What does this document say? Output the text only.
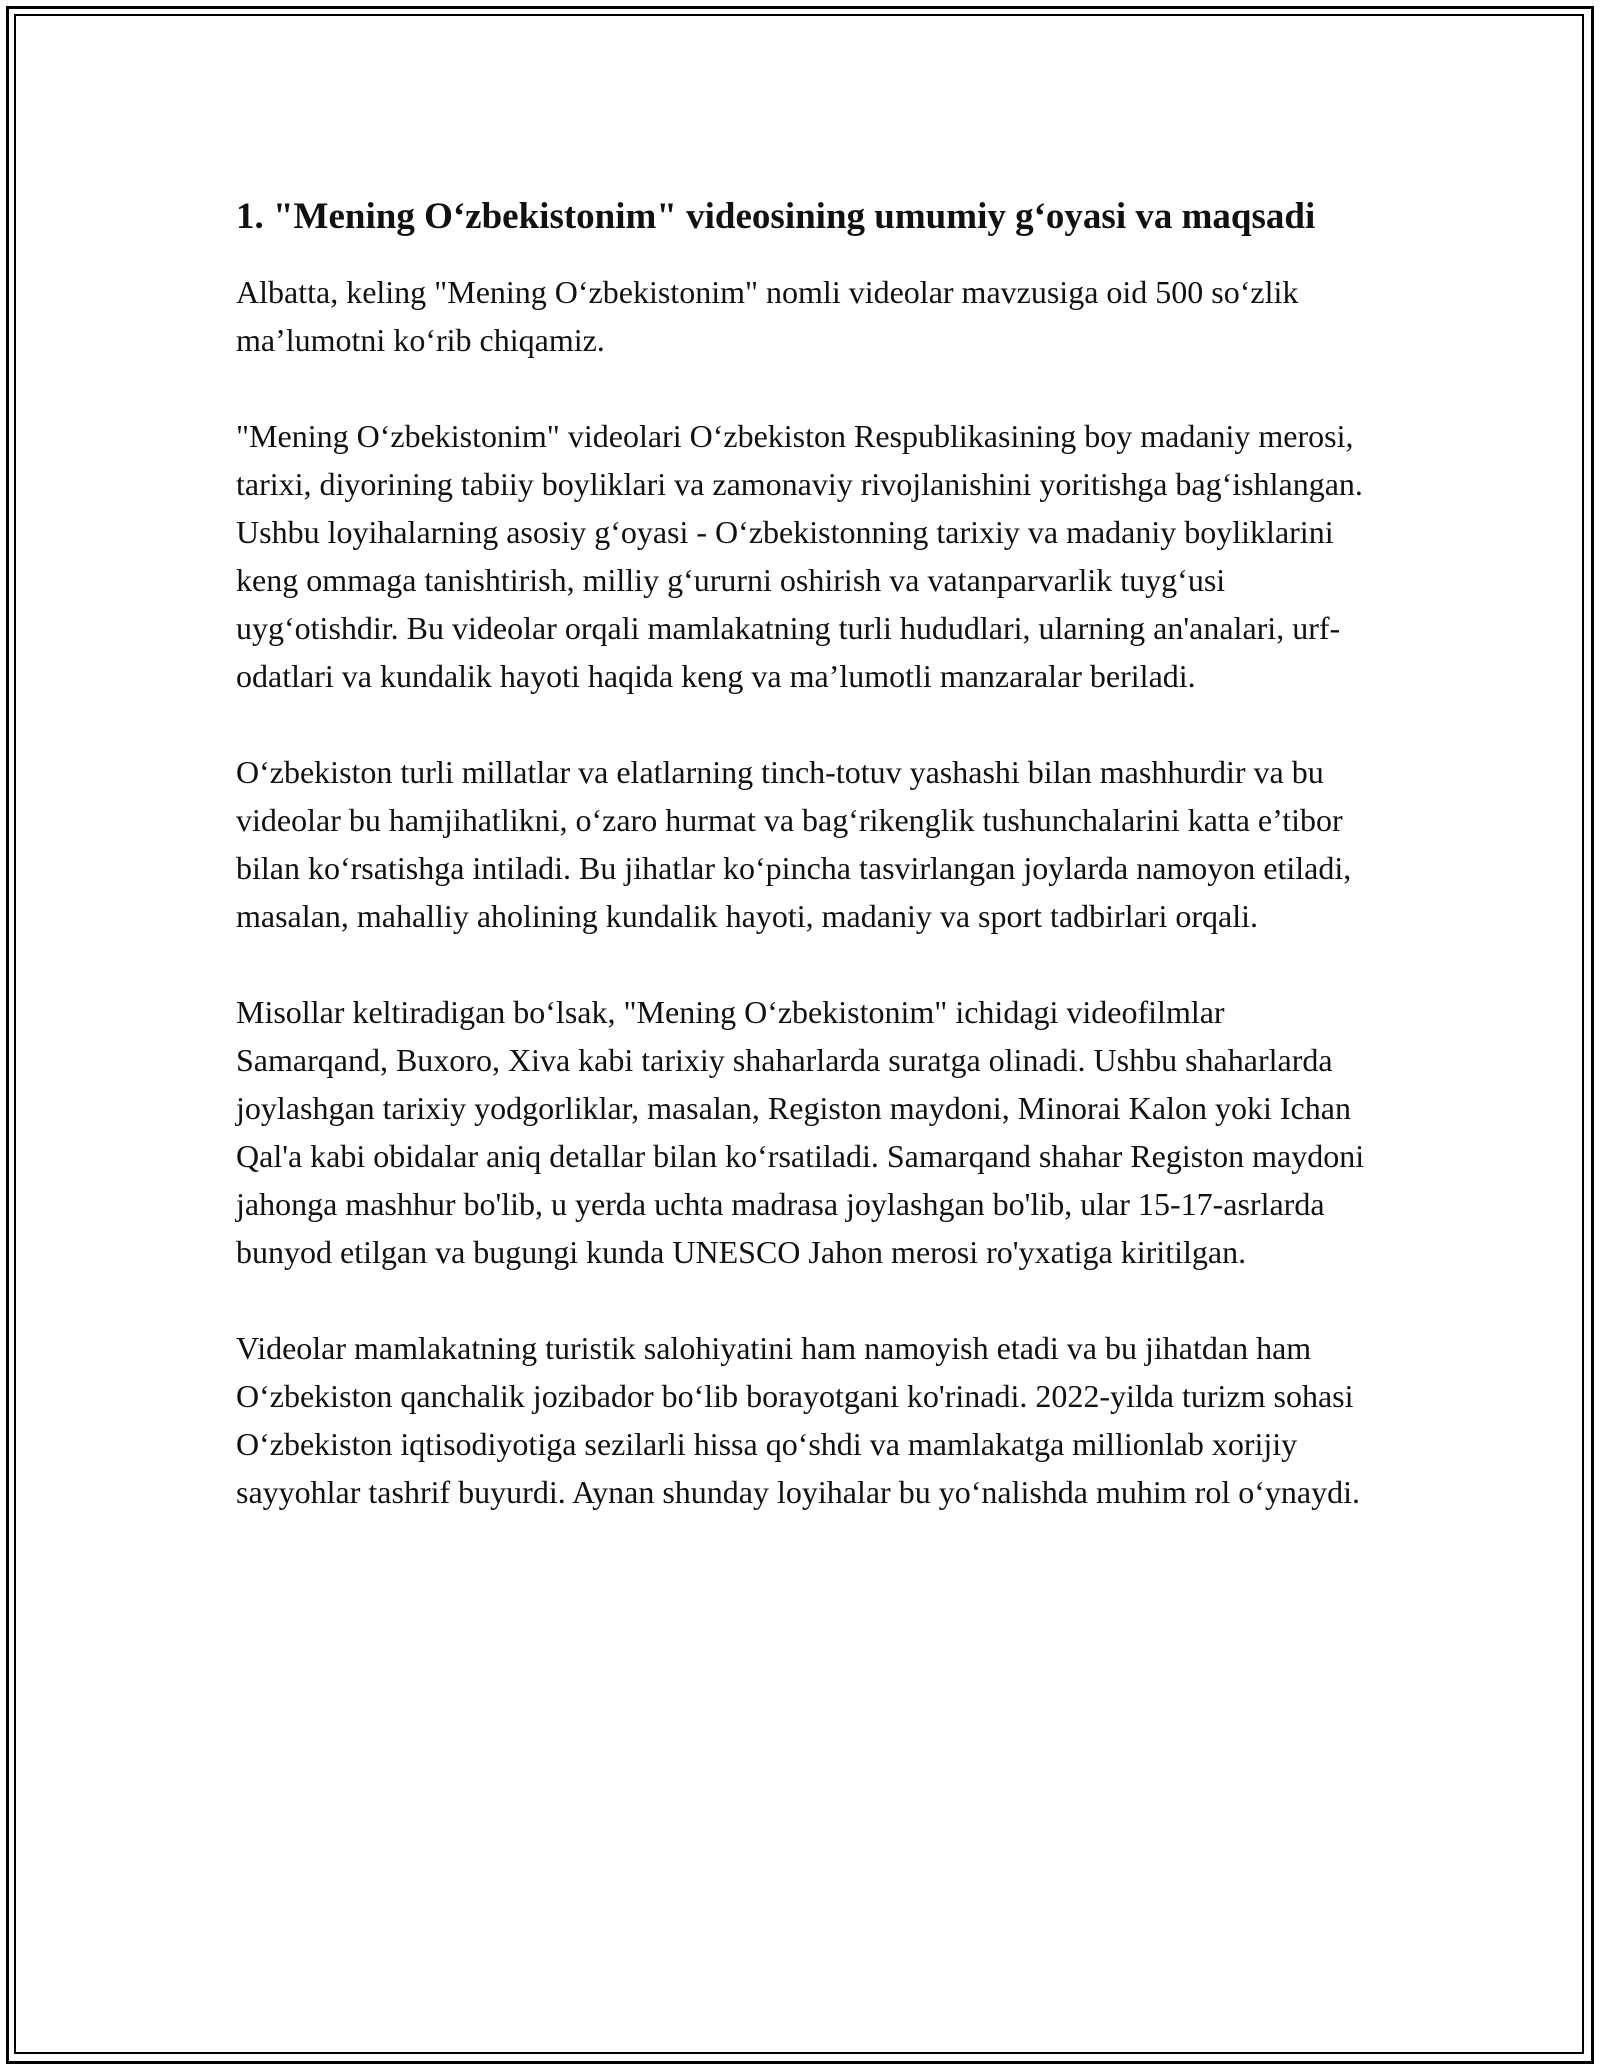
1. "Mening O‘zbekistonim" videosining umumiy g‘oyasi va maqsadi

Albatta, keling "Mening O‘zbekistonim" nomli videolar mavzusiga oid 500 so‘zlik ma’lumotni ko‘rib chiqamiz.

"Mening O‘zbekistonim" videolari O‘zbekiston Respublikasining boy madaniy merosi, tarixi, diyorining tabiiy boyliklari va zamonaviy rivojlanishini yoritishga bag‘ishlangan. Ushbu loyihalarning asosiy g‘oyasi - O‘zbekistonning tarixiy va madaniy boyliklarini keng ommaga tanishtirish, milliy g‘ururni oshirish va vatanparvarlik tuyg‘usi uyg‘otishdir. Bu videolar orqali mamlakatning turli hududlari, ularning an'analari, urf-odatlari va kundalik hayoti haqida keng va ma’lumotli manzaralar beriladi.

O‘zbekiston turli millatlar va elatlarning tinch-totuv yashashi bilan mashhurdir va bu videolar bu hamjihatlikni, o‘zaro hurmat va bag‘rikenglik tushunchalarini katta e’tibor bilan ko‘rsatishga intiladi. Bu jihatlar ko‘pincha tasvirlangan joylarda namoyon etiladi, masalan, mahalliy aholining kundalik hayoti, madaniy va sport tadbirlari orqali.

Misollar keltiradigan bo‘lsak, "Mening O‘zbekistonim" ichidagi videofilmlar Samarqand, Buxoro, Xiva kabi tarixiy shaharlarda suratga olinadi. Ushbu shaharlarda joylashgan tarixiy yodgorliklar, masalan, Registon maydoni, Minorai Kalon yoki Ichan Qal'a kabi obidalar aniq detallar bilan ko‘rsatiladi. Samarqand shahar Registon maydoni jahonga mashhur bo'lib, u yerda uchta madrasa joylashgan bo'lib, ular 15-17-asrlarda bunyod etilgan va bugungi kunda UNESCO Jahon merosi ro'yxatiga kiritilgan.

Videolar mamlakatning turistik salohiyatini ham namoyish etadi va bu jihatdan ham O‘zbekiston qanchalik jozibador bo‘lib borayotgani ko'rinadi. 2022-yilda turizm sohasi O‘zbekiston iqtisodiyotiga sezilarli hissa qo‘shdi va mamlakatga millionlab xorijiy sayyohlar tashrif buyurdi. Aynan shunday loyihalar bu yo‘nalishda muhim rol o‘ynaydi.
